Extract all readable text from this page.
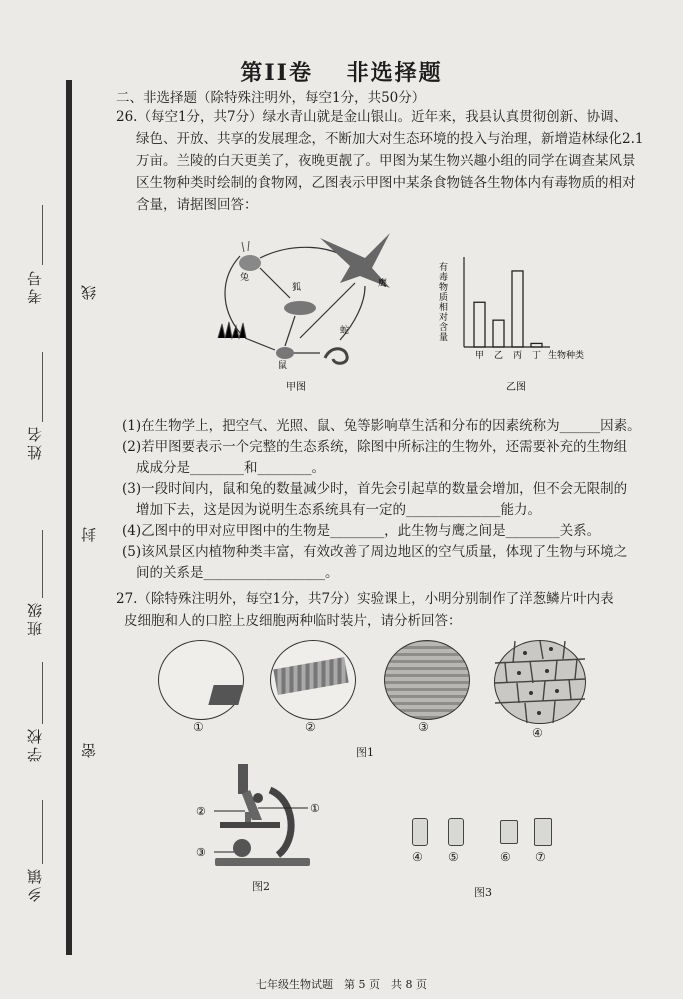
考号
姓名
班级
学校
乡镇
线
封
密
第II卷　 非选择题
二、非选择题（除特殊注明外，每空1分，共50分）
26.（每空1分，共7分）绿水青山就是金山银山。近年来，我县认真贯彻创新、协调、
绿色、开放、共享的发展理念，不断加大对生态环境的投入与治理，新增造林绿化2.1
万亩。兰陵的白天更美了，夜晚更靓了。甲图为某生物兴趣小组的同学在调查某风景
区生物种类时绘制的食物网，乙图表示甲图中某条食物链各生物体内有毒物质的相对
含量，请据图回答：
兔
狐	鹰
鼠
蛇
甲图
有毒物质相对含量
甲 乙 丙 丁 生物种类
乙图
(1)在生物学上，把空气、光照、鼠、兔等影响草生活和分布的因素统称为______因素。
(2)若甲图要表示一个完整的生态系统，除图中所标注的生物外，还需要补充的生物组
成成分是________和________。
(3)一段时间内，鼠和兔的数量减少时，首先会引起草的数量会增加，但不会无限制的
增加下去，这是因为说明生态系统具有一定的______________能力。
(4)乙图中的甲对应甲图中的生物是________，此生物与鹰之间是________关系。
(5)该风景区内植物种类丰富，有效改善了周边地区的空气质量，体现了生物与环境之
间的关系是__________________。
27.（除特殊注明外，每空1分，共7分）实验课上，小明分别制作了洋葱鳞片叶内表
皮细胞和人的口腔上皮细胞两种临时装片，请分析回答：
①	②	③	④
图1
②	①
③
图2
④ ⑤	⑥ ⑦
图3
七年级生物试题　第 5 页　共 8 页
